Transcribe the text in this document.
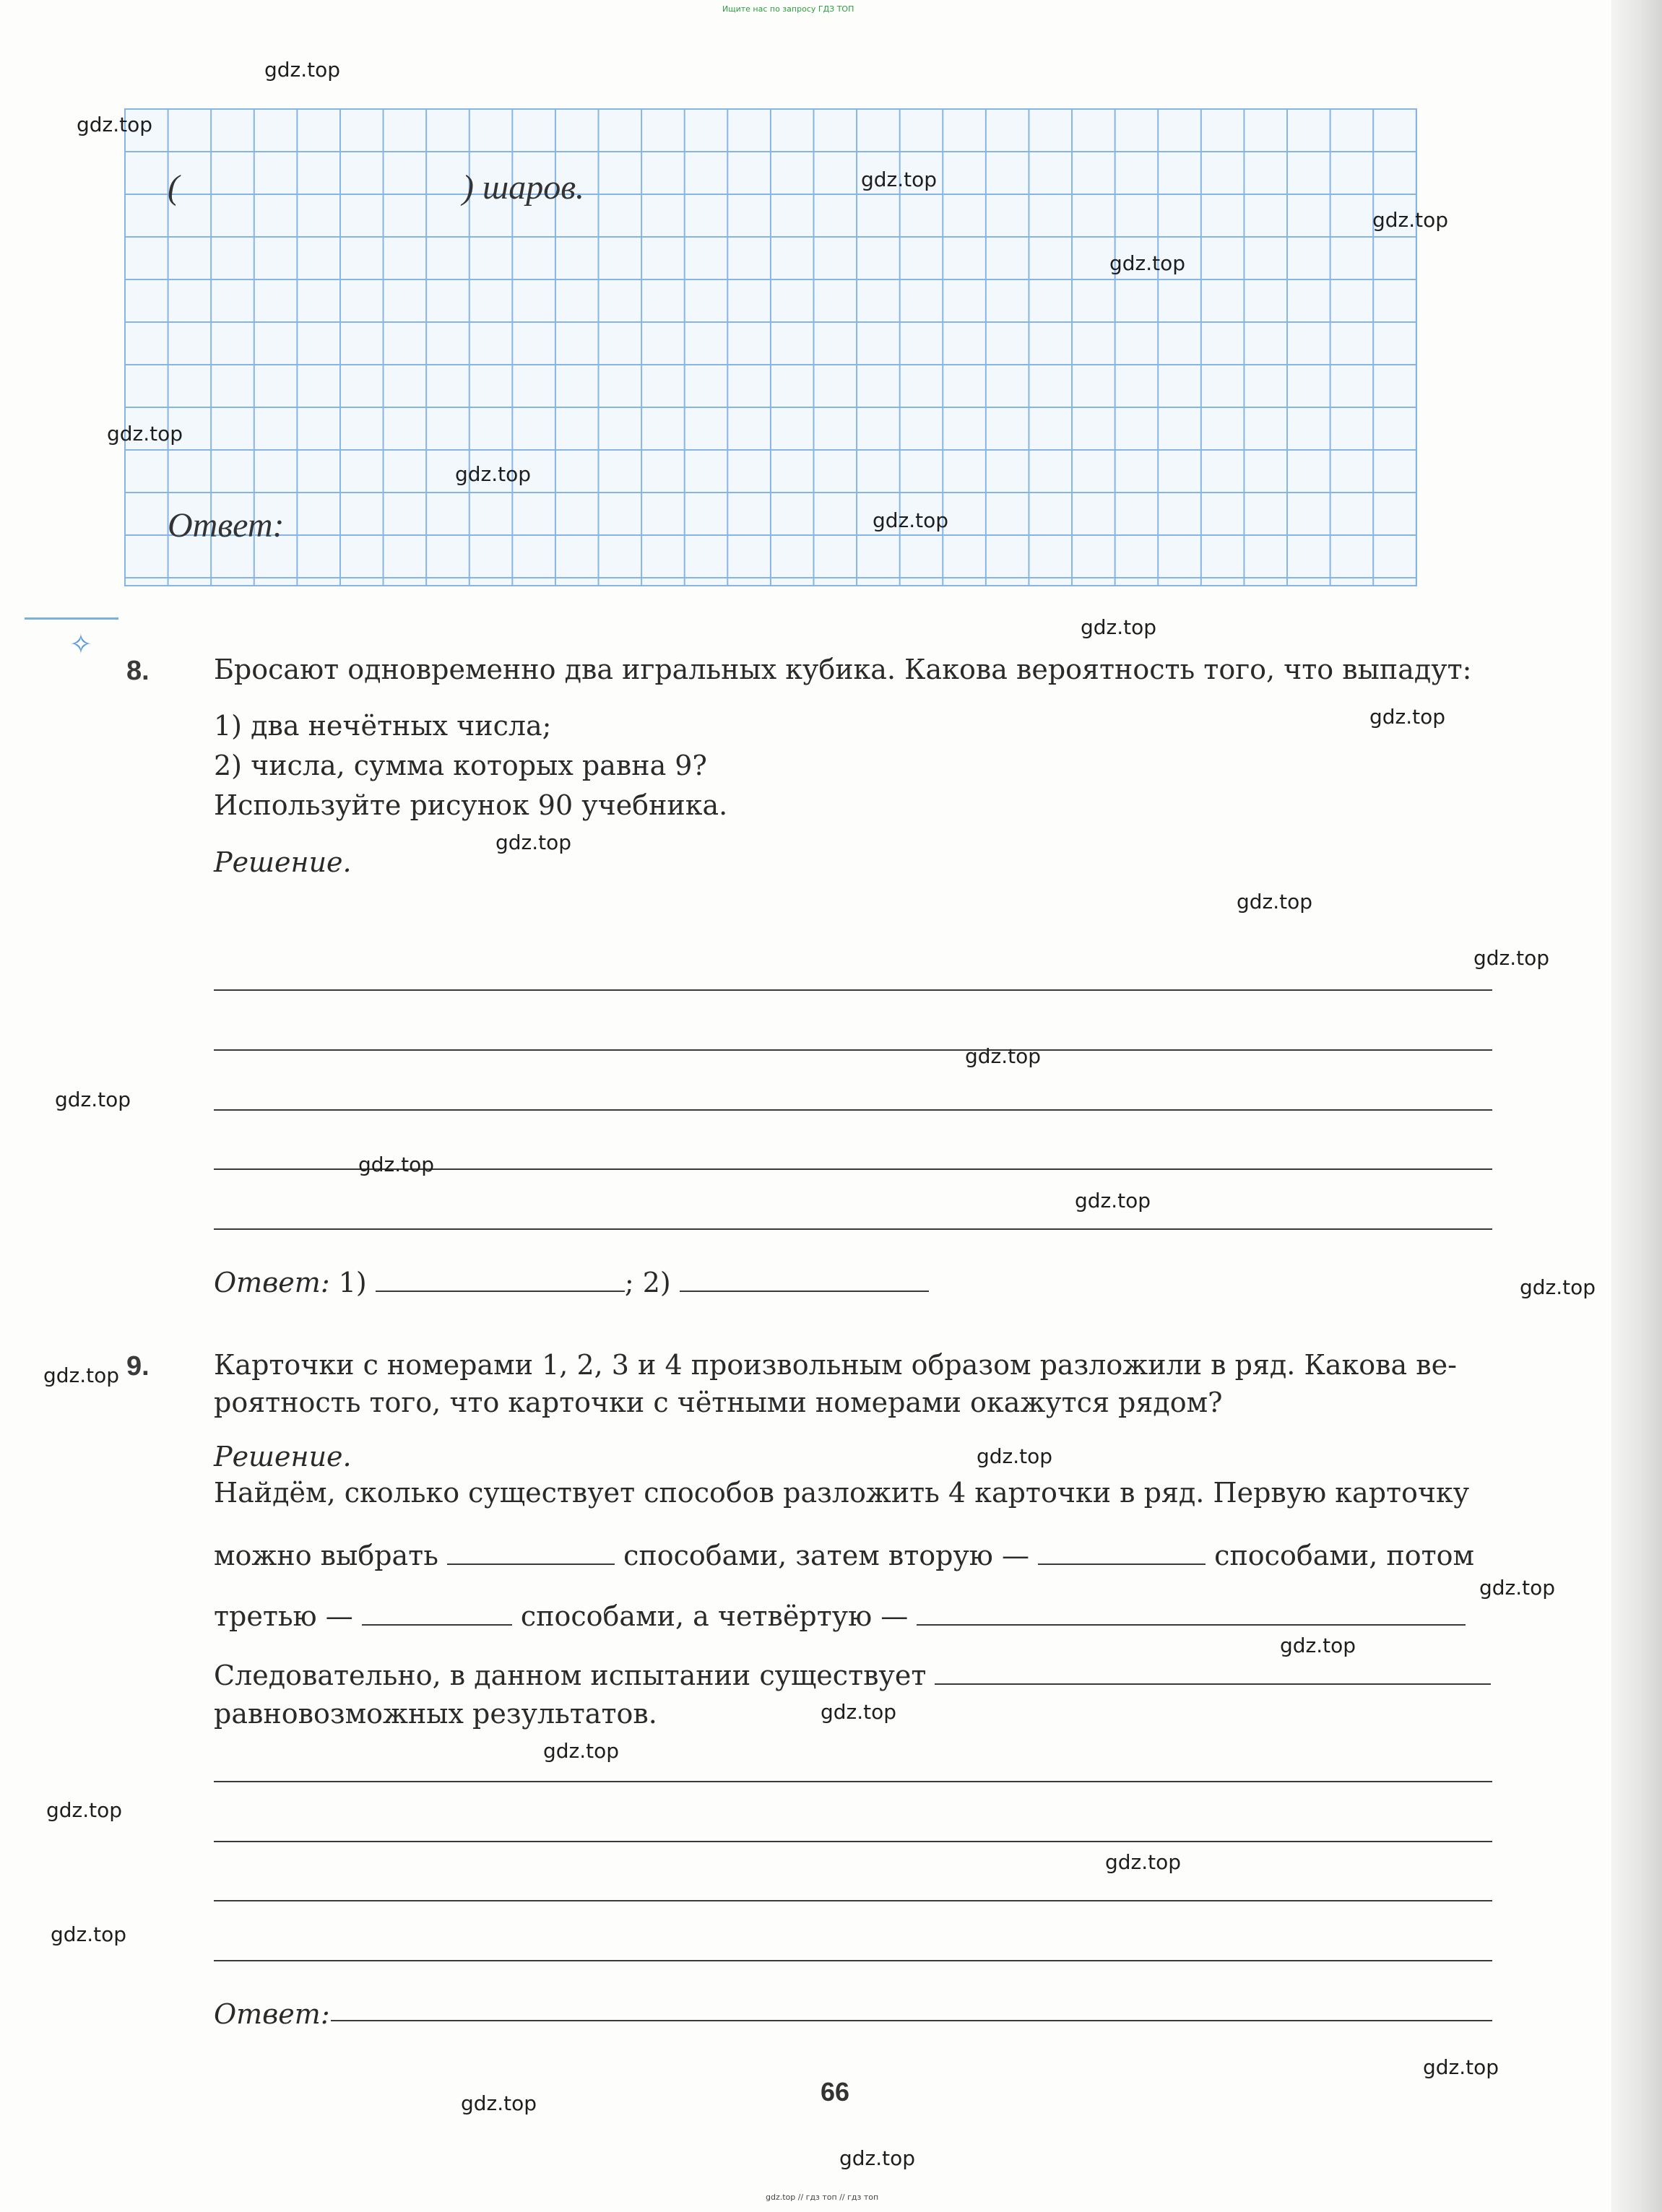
Ищите нас по запросу ГДЗ ТОП
(	) шаров.
Ответ:
✧
8. Бросают одновременно два игральных кубика. Какова вероятность того, что выпадут:
1) два нечётных числа;
2) числа, сумма которых равна 9?
Используйте рисунок 90 учебника.
Решение.
Ответ: 1)	; 2)
9. Карточки с номерами 1, 2, 3 и 4 произвольным образом разложили в ряд. Какова ве-
роятность того, что карточки с чётными номерами окажутся рядом?
Решение.
Найдём, сколько существует способов разложить 4 карточки в ряд. Первую карточку
можно выбрать	способами, затем вторую —	способами, потом
третью —	способами, а четвёртую —
Следовательно, в данном испытании существует
равновозможных результатов.
Ответ:
66
gdz.top // гдз топ // гдз топ
gdz.top
gdz.top
gdz.top
gdz.top
gdz.top
gdz.top
gdz.top
gdz.top
gdz.top
gdz.top
gdz.top
gdz.top
gdz.top
gdz.top
gdz.top
gdz.top
gdz.top
gdz.top
gdz.top
gdz.top
gdz.top
gdz.top
gdz.top
gdz.top
gdz.top
gdz.top
gdz.top
gdz.top
gdz.top
gdz.top
